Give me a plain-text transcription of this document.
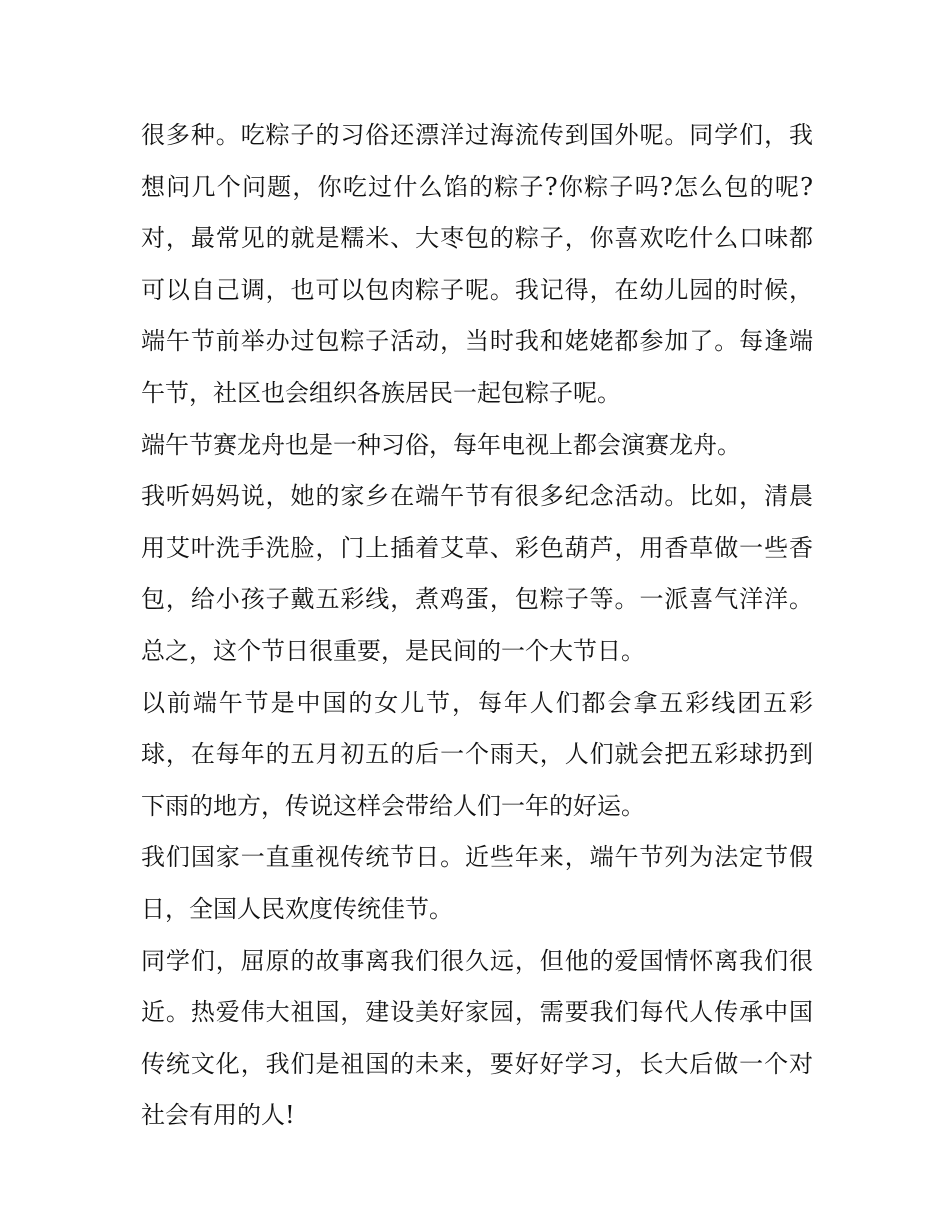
很多种。吃粽子的习俗还漂洋过海流传到国外呢。同学们，我
想问几个问题，你吃过什么馅的粽子?你粽子吗?怎么包的呢?
对，最常见的就是糯米、大枣包的粽子，你喜欢吃什么口味都
可以自己调，也可以包肉粽子呢。我记得，在幼儿园的时候，
端午节前举办过包粽子活动，当时我和姥姥都参加了。每逢端
午节，社区也会组织各族居民一起包粽子呢。
端午节赛龙舟也是一种习俗，每年电视上都会演赛龙舟。
我听妈妈说，她的家乡在端午节有很多纪念活动。比如，清晨
用艾叶洗手洗脸，门上插着艾草、彩色葫芦，用香草做一些香
包，给小孩子戴五彩线，煮鸡蛋，包粽子等。一派喜气洋洋。
总之，这个节日很重要，是民间的一个大节日。
以前端午节是中国的女儿节，每年人们都会拿五彩线团五彩
球，在每年的五月初五的后一个雨天，人们就会把五彩球扔到
下雨的地方，传说这样会带给人们一年的好运。
我们国家一直重视传统节日。近些年来，端午节列为法定节假
日，全国人民欢度传统佳节。
同学们，屈原的故事离我们很久远，但他的爱国情怀离我们很
近。热爱伟大祖国，建设美好家园，需要我们每代人传承中国
传统文化，我们是祖国的未来，要好好学习，长大后做一个对
社会有用的人!
